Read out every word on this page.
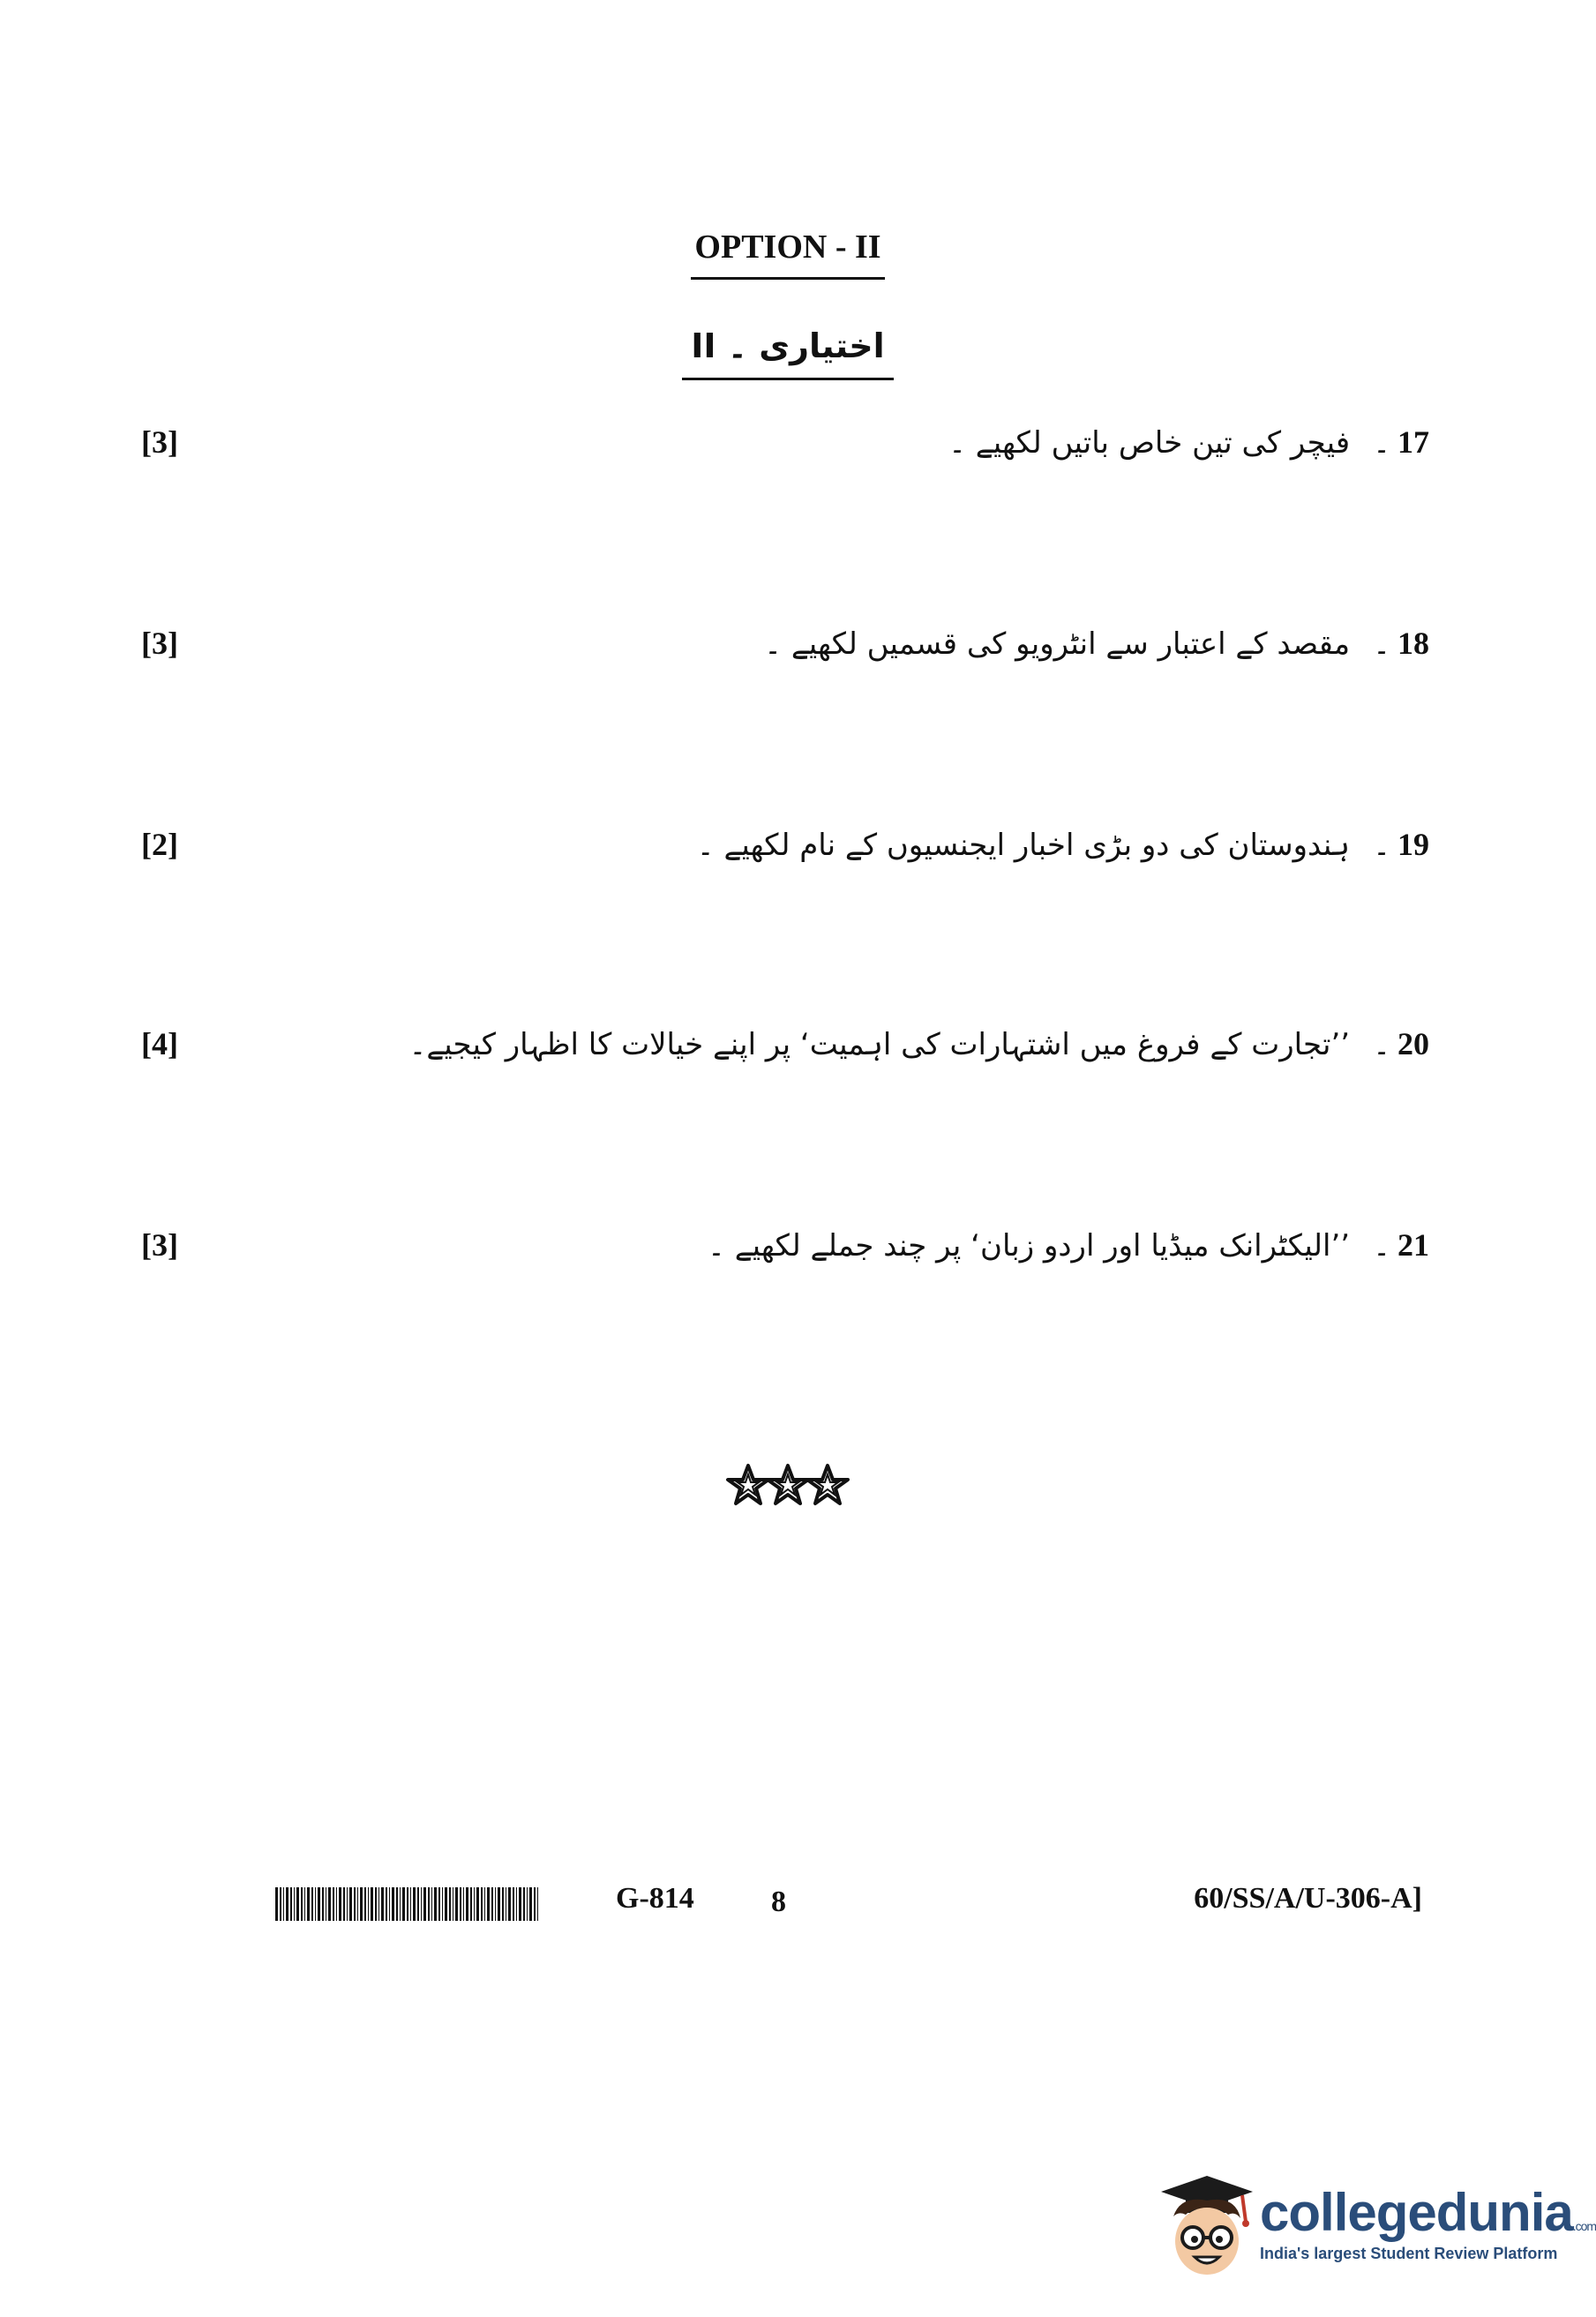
OPTION - II
اختیاری ۔ II
[3]	17
۔
فیچر کی تین خاص باتیں لکھیے ۔
[3]	18
۔
مقصد کے اعتبار سے انٹرویو کی قسمیں لکھیے ۔
[2]	19
۔
ہندوستان کی دو بڑی اخبار ایجنسیوں کے نام لکھیے ۔
[4]	20
۔
’’تجارت کے فروغ میں اشتہارات کی اہمیت‘ پر اپنے خیالات کا اظہار کیجیے۔
[3]	21
۔
’’الیکٹرانک میڈیا اور اردو زبان‘ پر چند جملے لکھیے ۔
G-814	8	60/SS/A/U-306-A]
collegedunia.com
India's largest Student Review Platform
